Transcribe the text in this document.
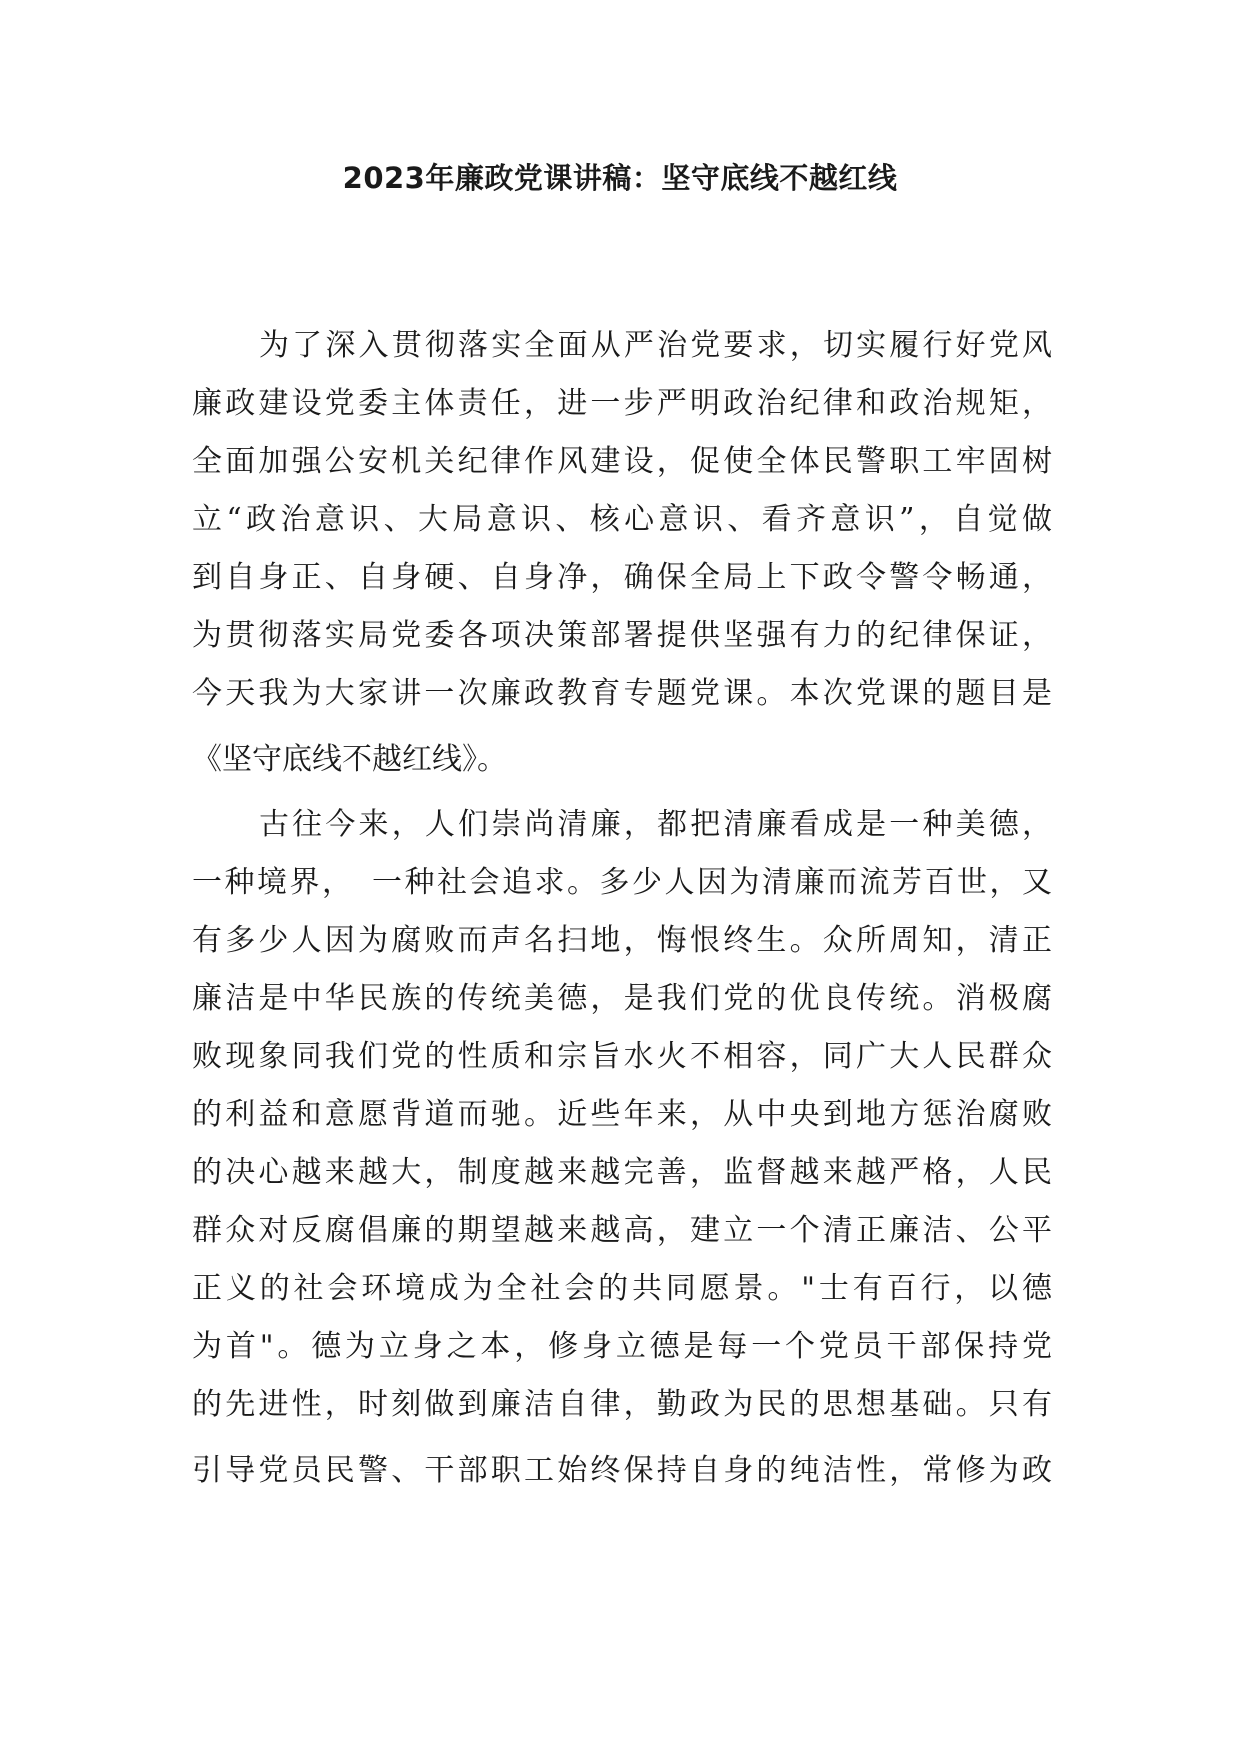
2023年廉政党课讲稿：坚守底线不越红线
为了深入贯彻落实全面从严治党要求，切实履行好党风
廉政建设党委主体责任，进一步严明政治纪律和政治规矩，
全面加强公安机关纪律作风建设，促使全体民警职工牢固树
立“政治意识、大局意识、核心意识、看齐意识”，自觉做
到自身正、自身硬、自身净，确保全局上下政令警令畅通，
为贯彻落实局党委各项决策部署提供坚强有力的纪律保证，
今天我为大家讲一次廉政教育专题党课。本次党课的题目是
《坚守底线不越红线》。
古往今来，人们崇尚清廉，都把清廉看成是一种美德，
一种境界，　一种社会追求。多少人因为清廉而流芳百世，又
有多少人因为腐败而声名扫地，悔恨终生。众所周知，清正
廉洁是中华民族的传统美德，是我们党的优良传统。消极腐
败现象同我们党的性质和宗旨水火不相容，同广大人民群众
的利益和意愿背道而驰。近些年来，从中央到地方惩治腐败
的决心越来越大，制度越来越完善，监督越来越严格，人民
群众对反腐倡廉的期望越来越高，建立一个清正廉洁、公平
正义的社会环境成为全社会的共同愿景。"士有百行，以德
为首"。德为立身之本，修身立德是每一个党员干部保持党
的先进性，时刻做到廉洁自律，勤政为民的思想基础。只有
引导党员民警、干部职工始终保持自身的纯洁性，常修为政
